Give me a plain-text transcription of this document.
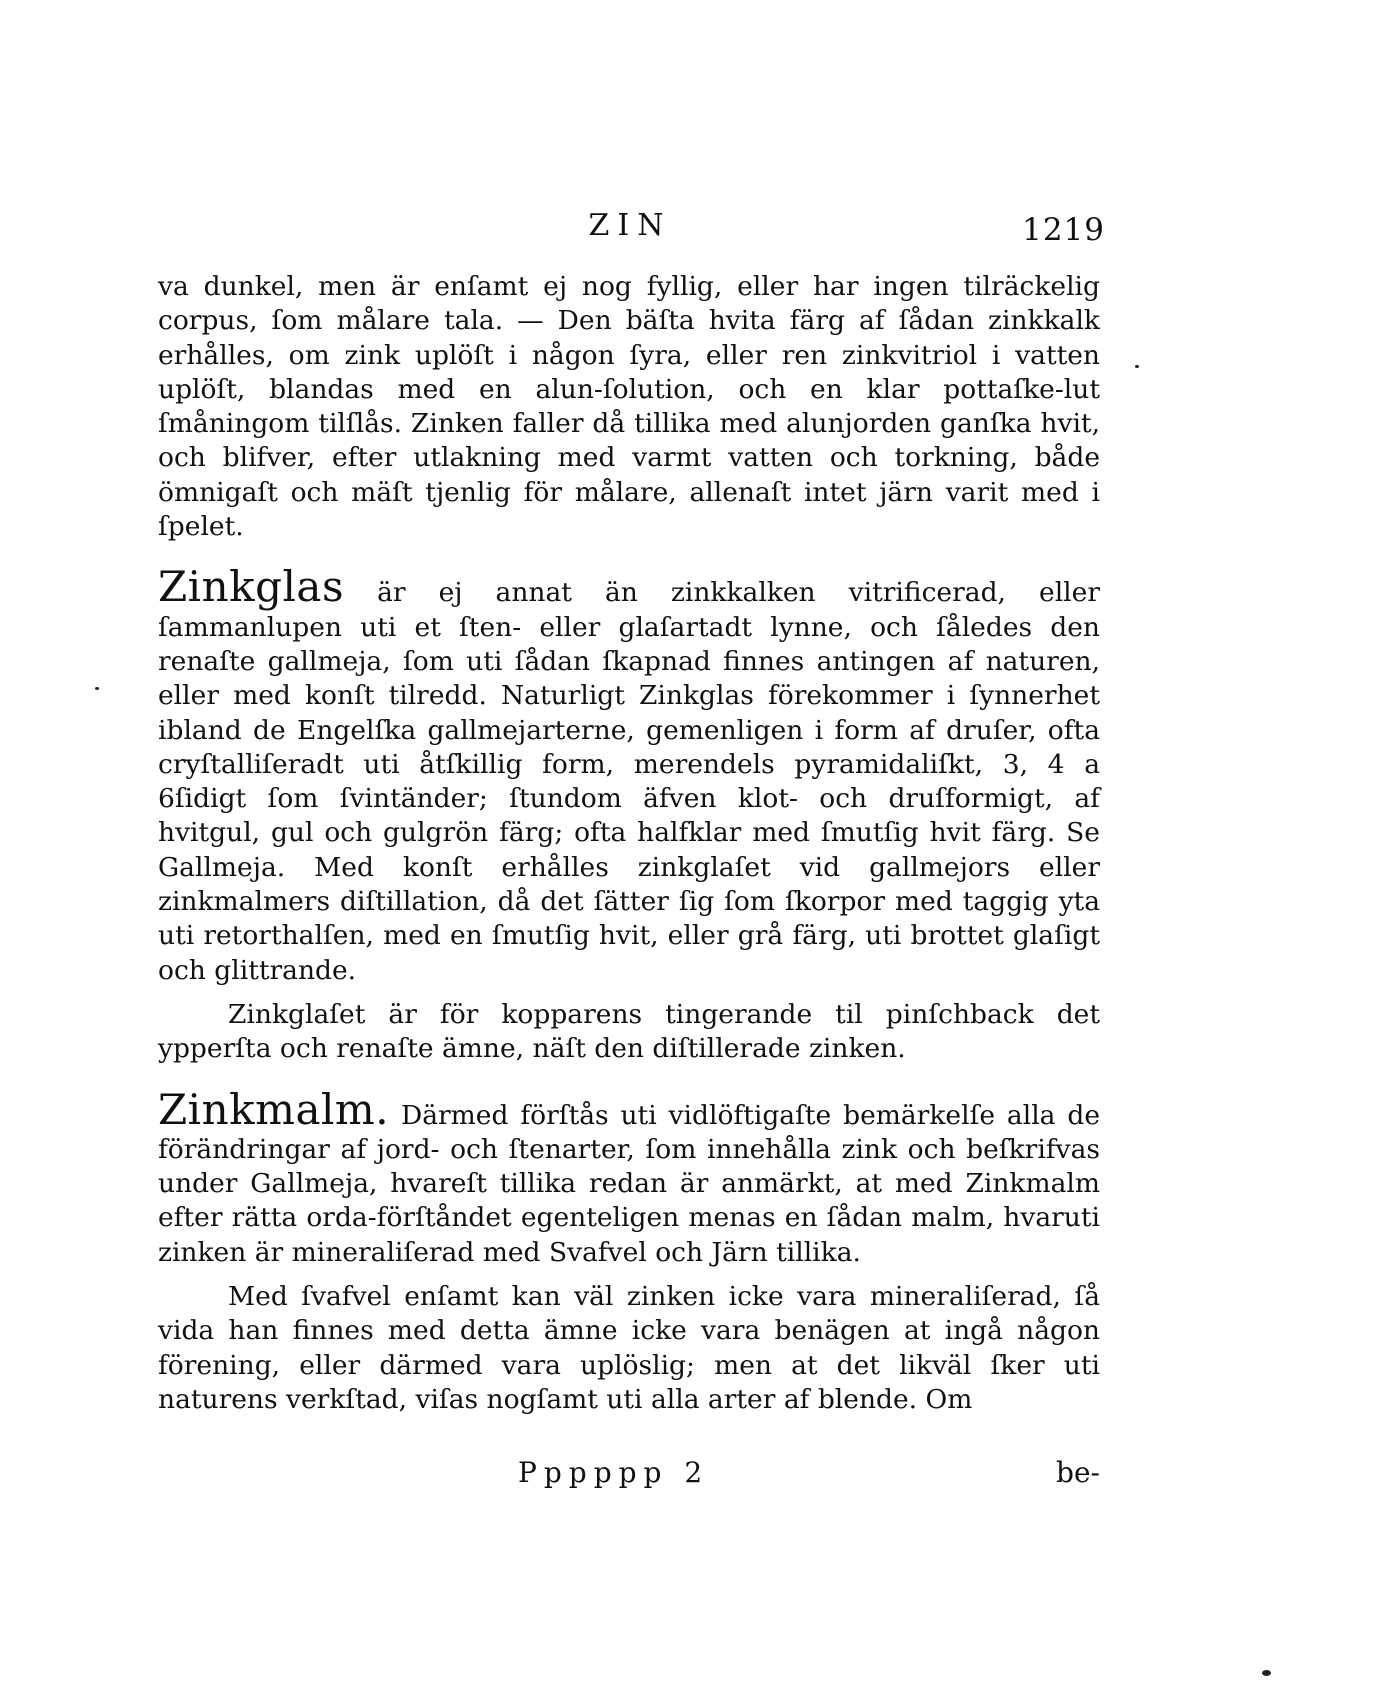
ZIN	1219

va dunkel, men är enſamt ej nog fyllig, eller har ingen tilräckelig corpus, ſom målare tala. — Den bäſta hvita färg af ſådan zinkkalk erhålles, om zink uplöſt i någon ſyra, eller ren zinkvitriol i vatten uplöſt, blandas med en alun-ſolution, och en klar pottaſke-lut ſmåningom tilſlås. Zinken faller då tillika med alunjorden ganſka hvit, och blifver, efter utlakning med varmt vatten och torkning, både ömnigaſt och mäſt tjenlig för målare, allenaſt intet järn varit med i ſpelet.

Zinkglas är ej annat än zinkkalken vitrificerad, eller ſammanlupen uti et ſten- eller glaſartadt lynne, och ſåledes den renaſte gallmeja, ſom uti ſådan ſkapnad finnes antingen af naturen, eller med konſt tilredd. Naturligt Zinkglas förekommer i ſynnerhet ibland de Engelſka gallmejarterne, gemenligen i form af druſer, ofta cryſtalliſeradt uti åtſkillig form, merendels pyramidaliſkt, 3, 4 a 6ſidigt ſom ſvintänder; ſtundom äfven klot- och druſformigt, af hvitgul, gul och gulgrön färg; ofta halfklar med ſmutſig hvit färg. Se Gallmeja. Med konſt erhålles zinkglaſet vid gallmejors eller zinkmalmers diſtillation, då det ſätter ſig ſom ſkorpor med taggig yta uti retorthalſen, med en ſmutſig hvit, eller grå färg, uti brottet glaſigt och glittrande.

Zinkglaſet är för kopparens tingerande til pinſchback det ypperſta och renaſte ämne, näſt den diſtillerade zinken.

Zinkmalm. Därmed förſtås uti vidlöftigaſte bemärkelſe alla de förändringar af jord- och ſtenarter, ſom innehålla zink och beſkrifvas under Gallmeja, hvareſt tillika redan är anmärkt, at med Zinkmalm efter rätta orda-förſtåndet egenteligen menas en ſådan malm, hvaruti zinken är mineraliſerad med Svafvel och Järn tillika.

Med ſvafvel enſamt kan väl zinken icke vara mineraliſerad, ſå vida han finnes med detta ämne icke vara benägen at ingå någon förening, eller därmed vara uplöslig; men at det likväl ſker uti naturens verkſtad, viſas nogſamt uti alla arter af blende. Om

Pppppp 2	be-
